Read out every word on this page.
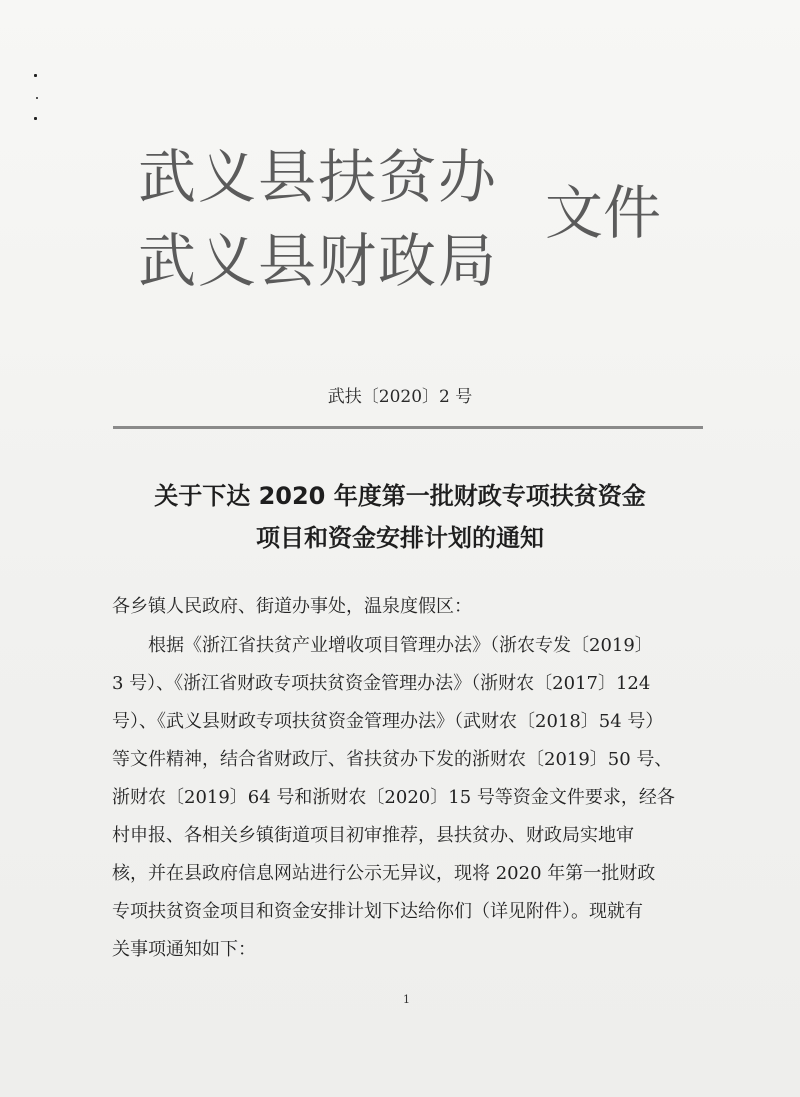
武义县扶贫办
武义县财政局
文件
武扶〔2020〕2 号
关于下达 2020 年度第一批财政专项扶贫资金
项目和资金安排计划的通知
各乡镇人民政府、街道办事处，温泉度假区：
根据《浙江省扶贫产业增收项目管理办法》（浙农专发〔2019〕
3 号）、《浙江省财政专项扶贫资金管理办法》（浙财农〔2017〕124
号）、《武义县财政专项扶贫资金管理办法》（武财农〔2018〕54 号）
等文件精神，结合省财政厅、省扶贫办下发的浙财农〔2019〕50 号、
浙财农〔2019〕64 号和浙财农〔2020〕15 号等资金文件要求，经各
村申报、各相关乡镇街道项目初审推荐，县扶贫办、财政局实地审
核，并在县政府信息网站进行公示无异议，现将 2020 年第一批财政
专项扶贫资金项目和资金安排计划下达给你们（详见附件）。现就有
关事项通知如下：
1
